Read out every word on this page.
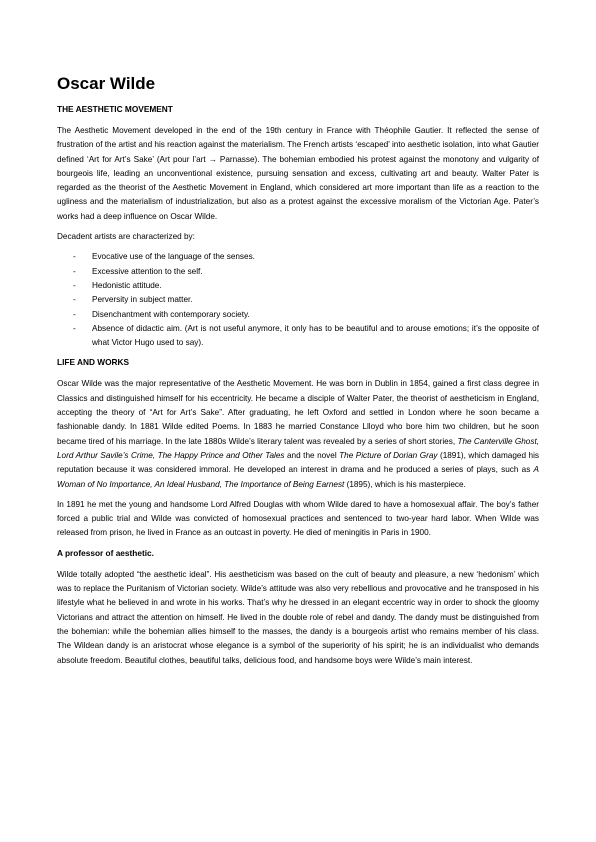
Oscar Wilde
THE AESTHETIC MOVEMENT

The Aesthetic Movement developed in the end of the 19th century in France with Théophile Gautier. It reflected the sense of frustration of the artist and his reaction against the materialism. The French artists ‘escaped’ into aesthetic isolation, into what Gautier defined ‘Art for Art’s Sake’ (Art pour l’art → Parnasse). The bohemian embodied his protest against the monotony and vulgarity of bourgeois life, leading an unconventional existence, pursuing sensation and excess, cultivating art and beauty. Walter Pater is regarded as the theorist of the Aesthetic Movement in England, which considered art more important than life as a reaction to the ugliness and the materialism of industrialization, but also as a protest against the excessive moralism of the Victorian Age. Pater’s works had a deep influence on Oscar Wilde.

Decadent artists are characterized by:

- Evocative use of the language of the senses.
- Excessive attention to the self.
- Hedonistic attitude.
- Perversity in subject matter.
- Disenchantment with contemporary society.
- Absence of didactic aim. (Art is not useful anymore, it only has to be beautiful and to arouse emotions; it’s the opposite of what Victor Hugo used to say).
LIFE AND WORKS

Oscar Wilde was the major representative of the Aesthetic Movement. He was born in Dublin in 1854, gained a first class degree in Classics and distinguished himself for his eccentricity. He became a disciple of Walter Pater, the theorist of aestheticism in England, accepting the theory of “Art for Art’s Sake”. After graduating, he left Oxford and settled in London where he soon became a fashionable dandy. In 1881 Wilde edited Poems. In 1883 he married Constance Llloyd who bore him two children, but he soon became tired of his marriage. In the late 1880s Wilde’s literary talent was revealed by a series of short stories, The Canterville Ghost, Lord Arthur Savile’s Crime, The Happy Prince and Other Tales and the novel The Picture of Dorian Gray (1891), which damaged his reputation because it was considered immoral. He developed an interest in drama and he produced a series of plays, such as A Woman of No Importance, An Ideal Husband, The Importance of Being Earnest (1895), which is his masterpiece.

In 1891 he met the young and handsome Lord Alfred Douglas with whom Wilde dared to have a homosexual affair. The boy’s father forced a public trial and Wilde was convicted of homosexual practices and sentenced to two-year hard labor. When Wilde was released from prison, he lived in France as an outcast in poverty. He died of meningitis in Paris in 1900.

A professor of aesthetic.

Wilde totally adopted “the aesthetic ideal”. His aestheticism was based on the cult of beauty and pleasure, a new ‘hedonism’ which was to replace the Puritanism of Victorian society. Wilde’s attitude was also very rebellious and provocative and he transposed in his lifestyle what he believed in and wrote in his works. That’s why he dressed in an elegant eccentric way in order to shock the gloomy Victorians and attract the attention on himself. He lived in the double role of rebel and dandy. The dandy must be distinguished from the bohemian: while the bohemian allies himself to the masses, the dandy is a bourgeois artist who remains member of his class. The Wildean dandy is an aristocrat whose elegance is a symbol of the superiority of his spirit; he is an individualist who demands absolute freedom. Beautiful clothes, beautiful talks, delicious food, and handsome boys were Wilde’s main interest.
